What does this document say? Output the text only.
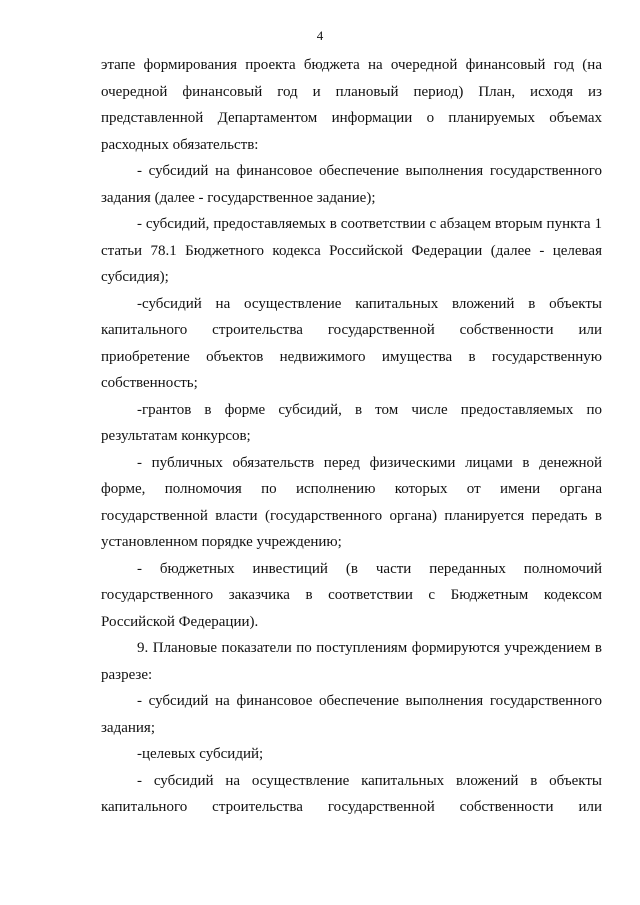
4

этапе формирования проекта бюджета на очередной финансовый год (на очередной финансовый год и плановый период) План, исходя из представленной Департаментом информации о планируемых объемах расходных обязательств:

- субсидий на финансовое обеспечение выполнения государственного задания (далее - государственное задание);

- субсидий, предоставляемых в соответствии с абзацем вторым пункта 1 статьи 78.1 Бюджетного кодекса Российской Федерации (далее - целевая субсидия);

-субсидий на осуществление капитальных вложений в объекты капитального строительства государственной собственности или приобретение объектов недвижимого имущества в государственную собственность;

-грантов в форме субсидий, в том числе предоставляемых по результатам конкурсов;

- публичных обязательств перед физическими лицами в денежной форме, полномочия по исполнению которых от имени органа государственной власти (государственного органа) планируется передать в установленном порядке учреждению;

- бюджетных инвестиций (в части переданных полномочий государственного заказчика в соответствии с Бюджетным кодексом Российской Федерации).

9. Плановые показатели по поступлениям формируются учреждением в разрезе:

- субсидий на финансовое обеспечение выполнения государственного задания;

-целевых субсидий;

- субсидий на осуществление капитальных вложений в объекты капитального строительства государственной собственности или
